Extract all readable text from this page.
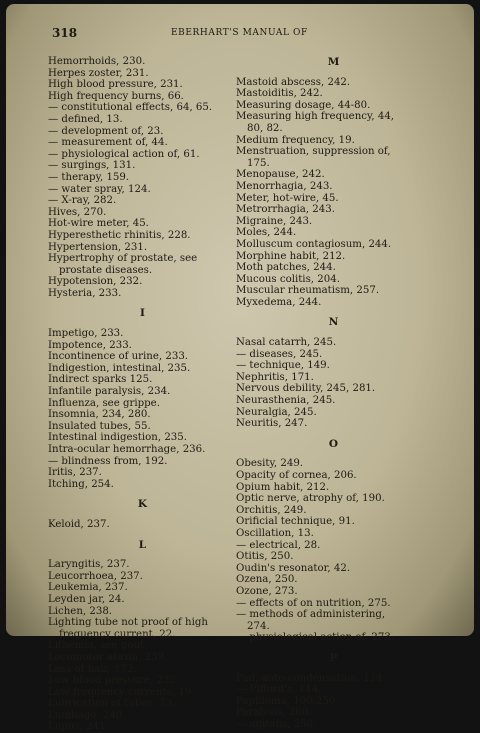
318	EBERHART'S MANUAL OF
Hemorrhoids, 230.
Herpes zoster, 231.
High blood pressure, 231.
High frequency burns, 66.
— constitutional effects, 64, 65.
— defined, 13.
— development of, 23.
— measurement of, 44.
— physiological action of, 61.
— surgings, 131.
— therapy, 159.
— water spray, 124.
— X-ray, 282.
Hives, 270.
Hot-wire meter, 45.
Hyperesthetic rhinitis, 228.
Hypertension, 231.
Hypertrophy of prostate, see
prostate diseases.
Hypotension, 232.
Hysteria, 233.
I
Impetigo, 233.
Impotence, 233.
Incontinence of urine, 233.
Indigestion, intestinal, 235.
Indirect sparks 125.
Infantile paralysis, 234.
Influenza, see grippe.
Insomnia, 234, 280.
Insulated tubes, 55.
Intestinal indigestion, 235.
Intra-ocular hemorrhage, 236.
— blindness from, 192.
Iritis, 237.
Itching, 254.
K
Keloid, 237.
L
Laryngitis, 237.
Leucorrhoea, 237.
Leukemia, 237.
Leyden jar, 24.
Lichen, 238.
Lighting tube not proof of high
frequency current, 22.
Lithemia, see gout.
Locomotor ataxia, 239.
Loss of hair, 172.
Low blood pressure, 232.
Low frequency currents, 19.
Lubrication of tubes, 73.
Lumbago, 240.
Lupus, 241.
M
Mastoid abscess, 242.
Mastoiditis, 242.
Measuring dosage, 44-80.
Measuring high frequency, 44,
80, 82.
Medium frequency, 19.
Menstruation, suppression of,
175.
Menopause, 242.
Menorrhagia, 243.
Meter, hot-wire, 45.
Metrorrhagia, 243.
Migraine, 243.
Moles, 244.
Molluscum contagiosum, 244.
Morphine habit, 212.
Moth patches, 244.
Mucous colitis, 204.
Muscular rheumatism, 257.
Myxedema, 244.
N
Nasal catarrh, 245.
— diseases, 245.
— technique, 149.
Nephritis, 171.
Nervous debility, 245, 281.
Neurasthenia, 245.
Neuralgia, 245.
Neuritis, 247.
O
Obesity, 249.
Opacity of cornea, 206.
Opium habit, 212.
Optic nerve, atrophy of, 190.
Orchitis, 249.
Orificial technique, 91.
Oscillation, 13.
— electrical, 28.
Otitis, 250.
Oudin's resonator, 42.
Ozena, 250.
Ozone, 273.
— effects of on nutrition, 275.
— methods of administering,
274.
— physiological action of, 273.
P
Pad, auto-condensation, 114.
— Pifford's, 114.
Papilloma, 100-250.
Paralysis, 260.
— agitans, 250.
